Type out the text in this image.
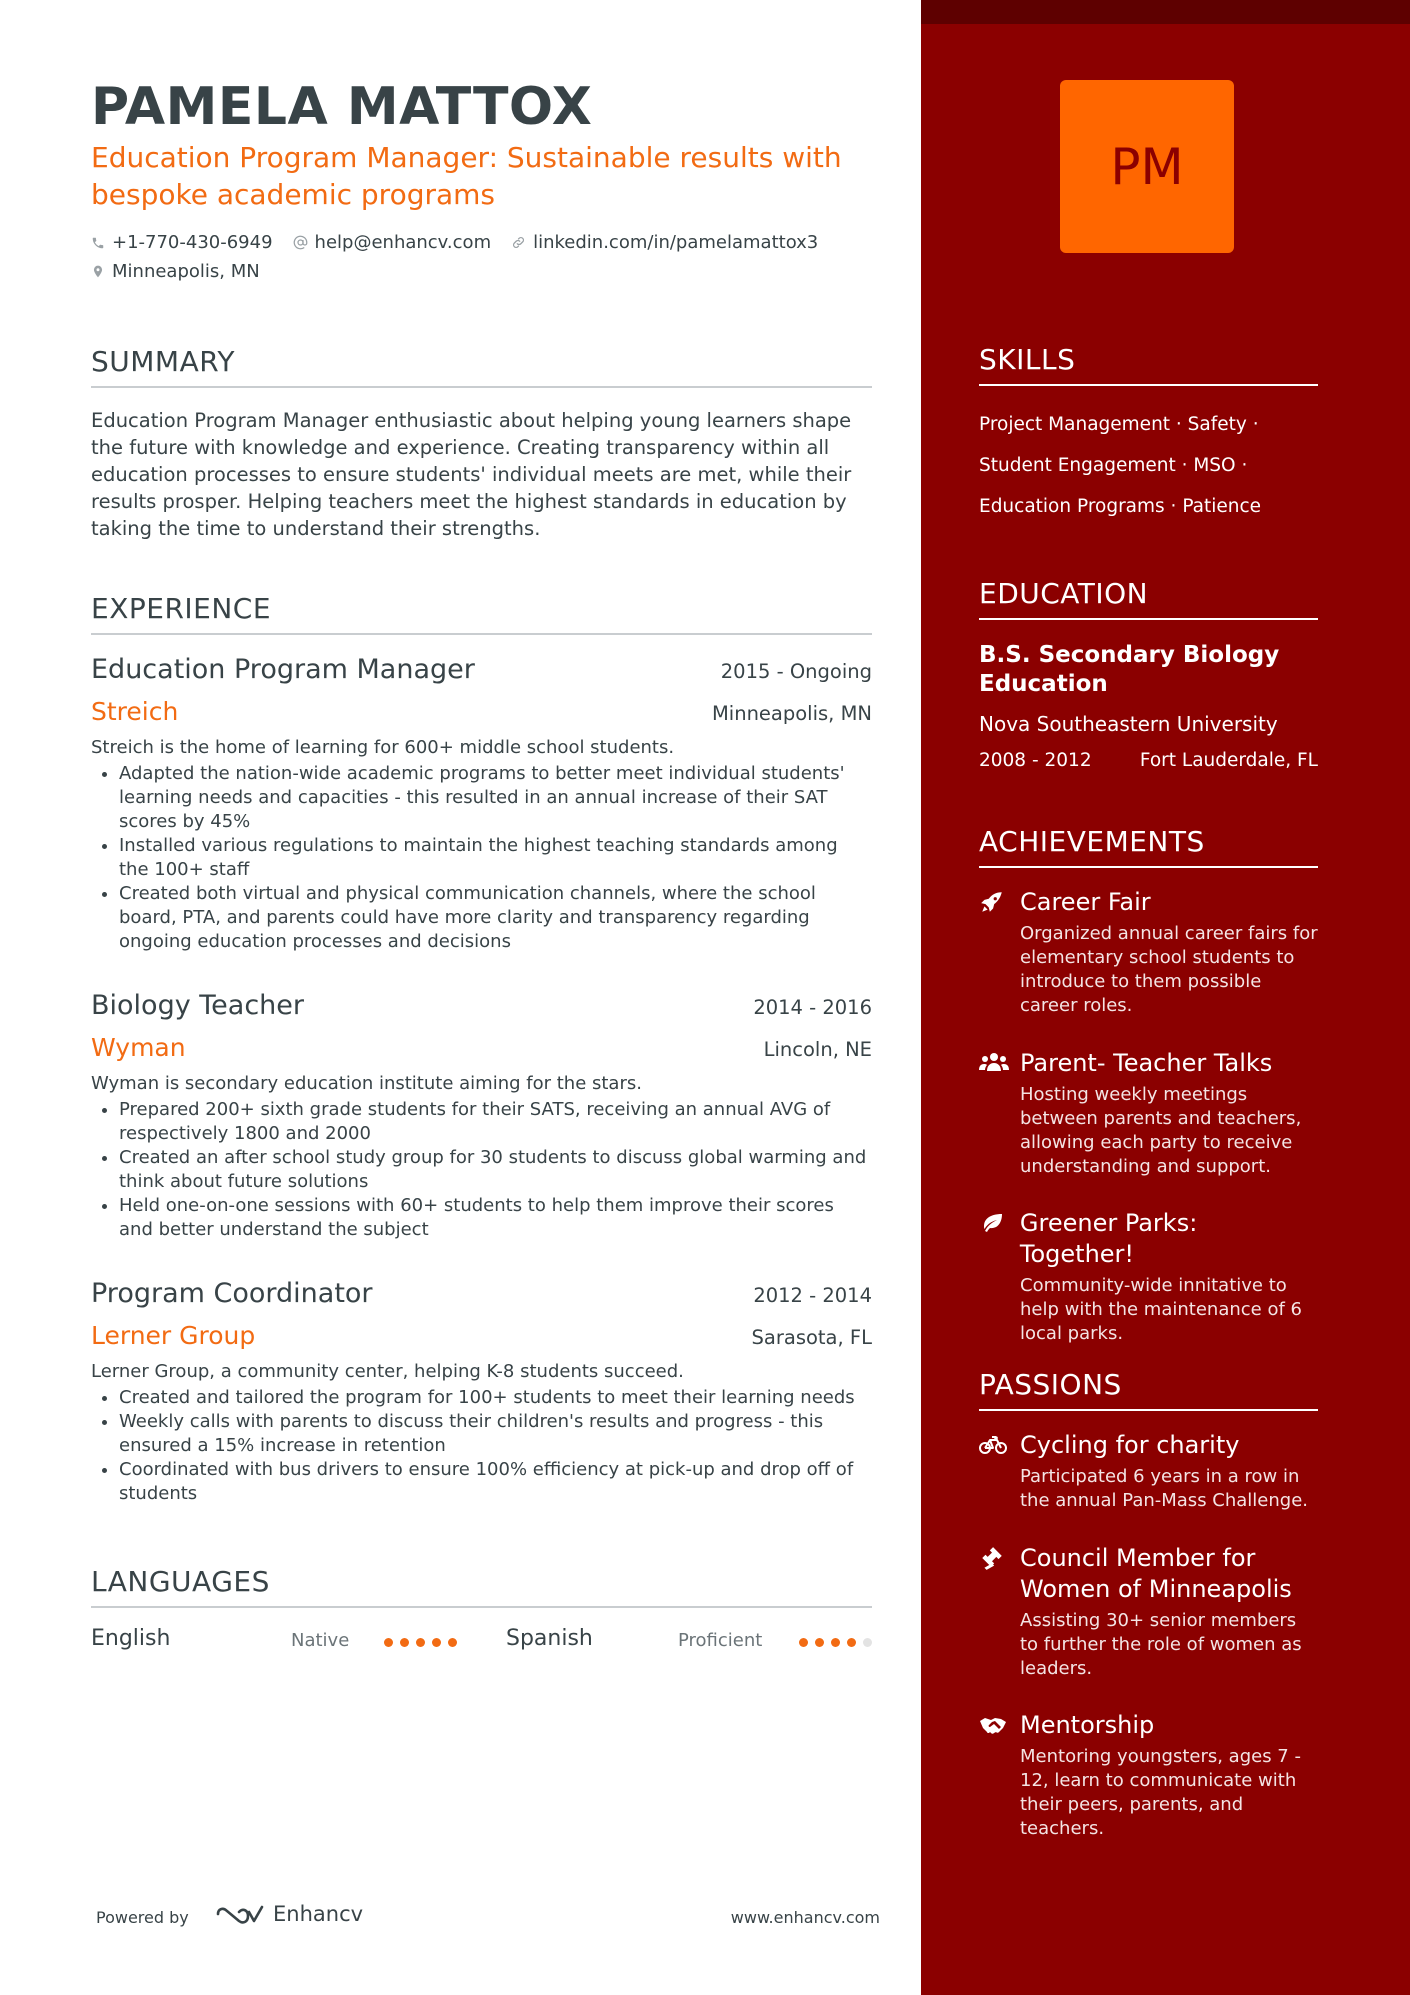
PAMELA MATTOX
Education Program Manager: Sustainable results with bespoke academic programs
+1-770-430-6949 help@enhancv.com linkedin.com/in/pamelamattox3
Minneapolis, MN
SUMMARY

Education Program Manager enthusiastic about helping young learners shape the future with knowledge and experience. Creating transparency within all education processes to ensure students' individual meets are met, while their results prosper. Helping teachers meet the highest standards in education by taking the time to understand their strengths.

EXPERIENCE
Education Program Manager	2015 - Ongoing
Streich	Minneapolis, MN
Streich is the home of learning for 600+ middle school students.
• Adapted the nation-wide academic programs to better meet individual students' learning needs and capacities - this resulted in an annual increase of their SAT scores by 45%
• Installed various regulations to maintain the highest teaching standards among the 100+ staff
• Created both virtual and physical communication channels, where the school board, PTA, and parents could have more clarity and transparency regarding ongoing education processes and decisions
Biology Teacher	2014 - 2016
Wyman	Lincoln, NE
Wyman is secondary education institute aiming for the stars.
• Prepared 200+ sixth grade students for their SATS, receiving an annual AVG of respectively 1800 and 2000
• Created an after school study group for 30 students to discuss global warming and think about future solutions
• Held one-on-one sessions with 60+ students to help them improve their scores and better understand the subject
Program Coordinator	2012 - 2014
Lerner Group	Sarasota, FL
Lerner Group, a community center, helping K-8 students succeed.
• Created and tailored the program for 100+ students to meet their learning needs
• Weekly calls with parents to discuss their children's results and progress - this ensured a 15% increase in retention
• Coordinated with bus drivers to ensure 100% efficiency at pick-up and drop off of students
LANGUAGES
English	Native	Spanish	Proficient
Powered by	Enhancv	www.enhancv.com
PM
SKILLS
Project Management · Safety ·
Student Engagement · MSO ·
Education Programs · Patience
EDUCATION
B.S. Secondary Biology Education
Nova Southeastern University
2008 - 2012	Fort Lauderdale, FL
ACHIEVEMENTS
Career Fair
Organized annual career fairs for elementary school students to introduce to them possible career roles.
Parent- Teacher Talks
Hosting weekly meetings between parents and teachers, allowing each party to receive understanding and support.
Greener Parks: Together!
Community-wide innitative to help with the maintenance of 6 local parks.
PASSIONS
Cycling for charity
Participated 6 years in a row in the annual Pan-Mass Challenge.
Council Member for Women of Minneapolis
Assisting 30+ senior members to further the role of women as leaders.
Mentorship
Mentoring youngsters, ages 7 - 12, learn to communicate with their peers, parents, and teachers.
